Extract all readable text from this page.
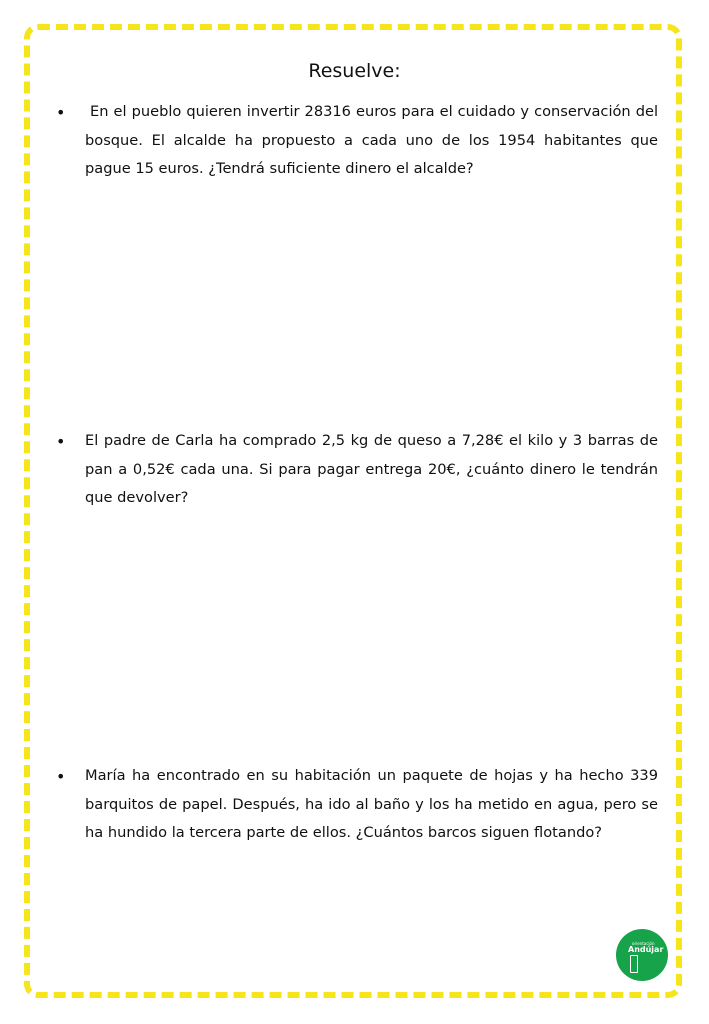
Resuelve:
• En el pueblo quieren invertir 28316 euros para el cuidado y conservación del bosque. El alcalde ha propuesto a cada uno de los 1954 habitantes que pague 15 euros. ¿Tendrá suficiente dinero el alcalde?
• El padre de Carla ha comprado 2,5 kg de queso a 7,28€ el kilo y 3 barras de pan a 0,52€ cada una. Si para pagar entrega 20€, ¿cuánto dinero le tendrán que devolver?
• María ha encontrado en su habitación un paquete de hojas y ha hecho 339 barquitos de papel. Después, ha ido al baño y los ha metido en agua, pero se ha hundido la tercera parte de ellos. ¿Cuántos barcos siguen flotando?
orientación
Andújar
